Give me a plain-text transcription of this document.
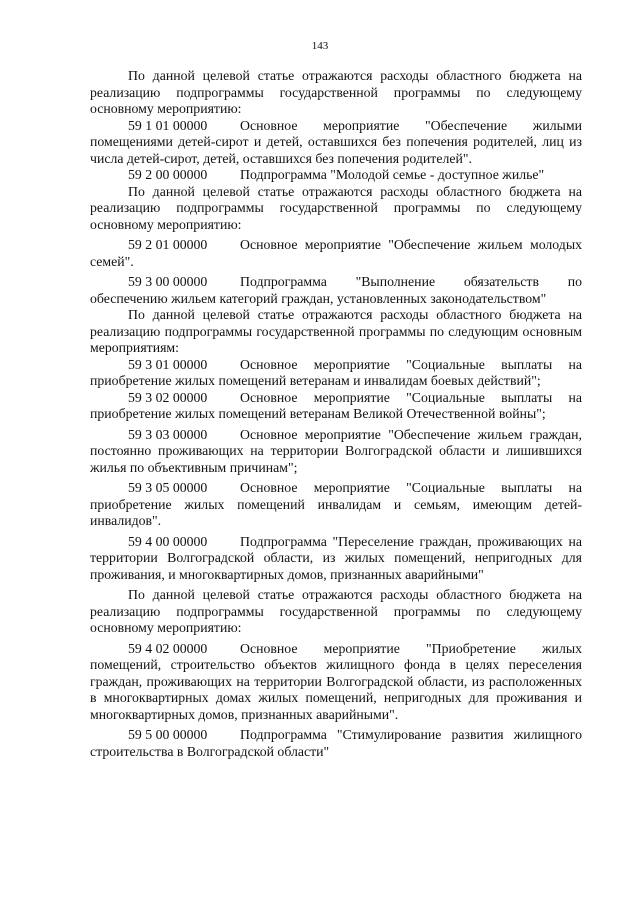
143

По данной целевой статье отражаются расходы областного бюджета на реализацию подпрограммы государственной программы по следующему основному мероприятию:

59 1 01 00000 Основное мероприятие "Обеспечение жилыми помещениями детей-сирот и детей, оставшихся без попечения родителей, лиц из числа детей-сирот, детей, оставшихся без попечения родителей".

59 2 00 00000 Подпрограмма "Молодой семье - доступное жилье"

По данной целевой статье отражаются расходы областного бюджета на реализацию подпрограммы государственной программы по следующему основному мероприятию:

59 2 01 00000 Основное мероприятие "Обеспечение жильем молодых семей".

59 3 00 00000 Подпрограмма "Выполнение обязательств по обеспечению жильем категорий граждан, установленных законодательством"

По данной целевой статье отражаются расходы областного бюджета на реализацию подпрограммы государственной программы по следующим основным мероприятиям:

59 3 01 00000 Основное мероприятие "Социальные выплаты на приобретение жилых помещений ветеранам и инвалидам боевых действий";

59 3 02 00000 Основное мероприятие "Социальные выплаты на приобретение жилых помещений ветеранам Великой Отечественной войны";

59 3 03 00000 Основное мероприятие "Обеспечение жильем граждан, постоянно проживающих на территории Волгоградской области и лишившихся жилья по объективным причинам";

59 3 05 00000 Основное мероприятие "Социальные выплаты на приобретение жилых помещений инвалидам и семьям, имеющим детей-инвалидов".

59 4 00 00000 Подпрограмма "Переселение граждан, проживающих на территории Волгоградской области, из жилых помещений, непригодных для проживания, и многоквартирных домов, признанных аварийными"

По данной целевой статье отражаются расходы областного бюджета на реализацию подпрограммы государственной программы по следующему основному мероприятию:

59 4 02 00000 Основное мероприятие "Приобретение жилых помещений, строительство объектов жилищного фонда в целях переселения граждан, проживающих на территории Волгоградской области, из расположенных в многоквартирных домах жилых помещений, непригодных для проживания и многоквартирных домов, признанных аварийными".

59 5 00 00000 Подпрограмма "Стимулирование развития жилищного строительства в Волгоградской области"
